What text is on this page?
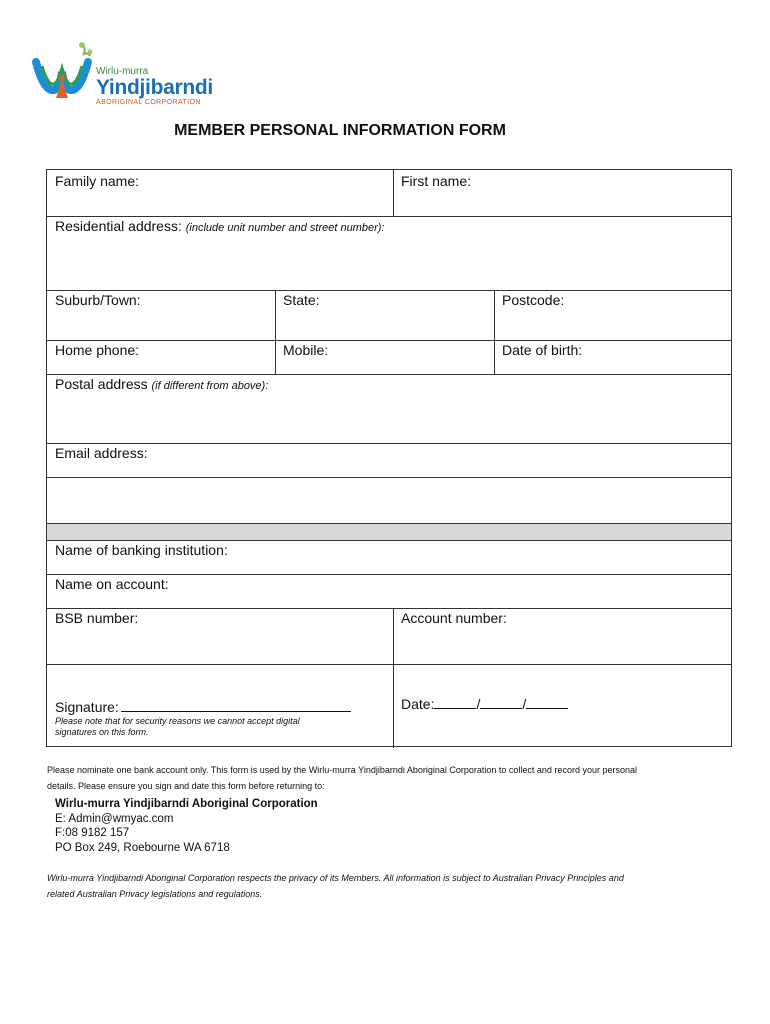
Wirlu-murra
Yindjibarndi
ABORIGINAL CORPORATION
MEMBER PERSONAL INFORMATION FORM
Family name:	First name:
Residential address: (include unit number and street number):
Suburb/Town:	State:	Postcode:
Home phone:	Mobile:	Date of birth:
Postal address (if different from above):
Email address:
Name of banking institution:
Name on account:
BSB number:	Account number:
Signature:
Please note that for security reasons we cannot accept digital
signatures on this form.
Date:	/	/
Please nominate one bank account only. This form is used by the Wirlu-murra Yindjibarndi Aboriginal Corporation to collect and record your personal
details. Please ensure you sign and date this form before returning to:
Wirlu-murra Yindjibarndi Aboriginal Corporation
E: Admin@wmyac.com
F:08 9182 157
PO Box 249, Roebourne WA 6718
Wirlu-murra Yindjibarndi Aboriginal Corporation respects the privacy of its Members. All information is subject to Australian Privacy Principles and
related Australian Privacy legislations and regulations.
